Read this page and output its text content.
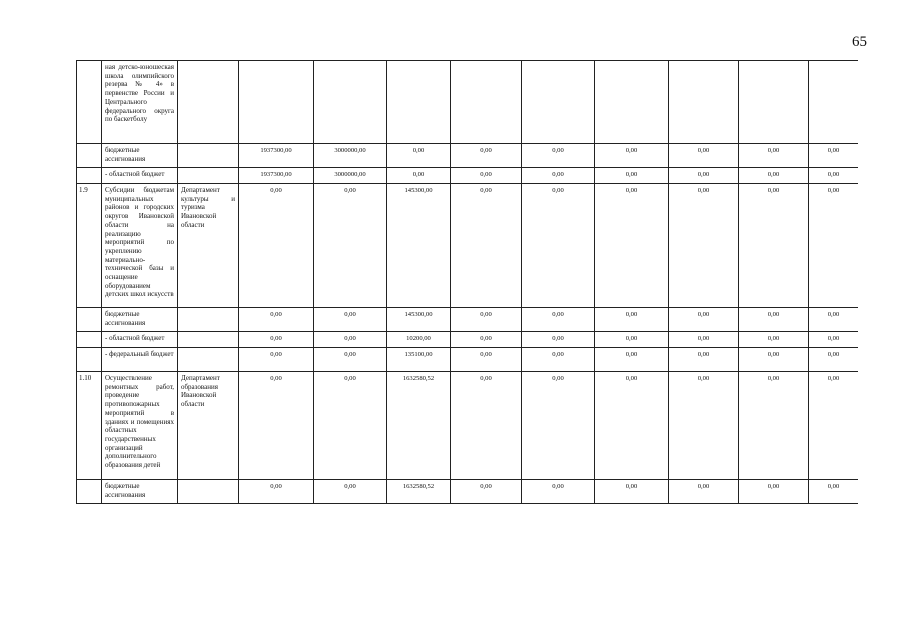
65
	ная детско-юношеская школа олимпийского резерва № 4» в первенстве России и Центрального федерального округа по баскетболу										
	бюджетные ассигнования		1937300,00	3000000,00	0,00	0,00	0,00	0,00	0,00	0,00	0,00
	- областной бюджет		1937300,00	3000000,00	0,00	0,00	0,00	0,00	0,00	0,00	0,00
1.9	Субсидии бюджетам муниципальных районов и городских округов Ивановской области на реализацию мероприятий по укреплению материально-технической базы и оснащение оборудованием детских школ искусств	Департамент культуры и туризма Ивановской области	0,00	0,00	145300,00	0,00	0,00	0,00	0,00	0,00	0,00
	бюджетные ассигнования		0,00	0,00	145300,00	0,00	0,00	0,00	0,00	0,00	0,00
	- областной бюджет		0,00	0,00	10200,00	0,00	0,00	0,00	0,00	0,00	0,00
	- федеральный бюджет		0,00	0,00	135100,00	0,00	0,00	0,00	0,00	0,00	0,00
1.10	Осуществление ремонтных работ, проведение противопожарных мероприятий в зданиях и помещениях областных государственных организаций дополнительного образования детей	Департамент образования Ивановской области	0,00	0,00	1632580,52	0,00	0,00	0,00	0,00	0,00	0,00
	бюджетные ассигнования		0,00	0,00	1632580,52	0,00	0,00	0,00	0,00	0,00	0,00
